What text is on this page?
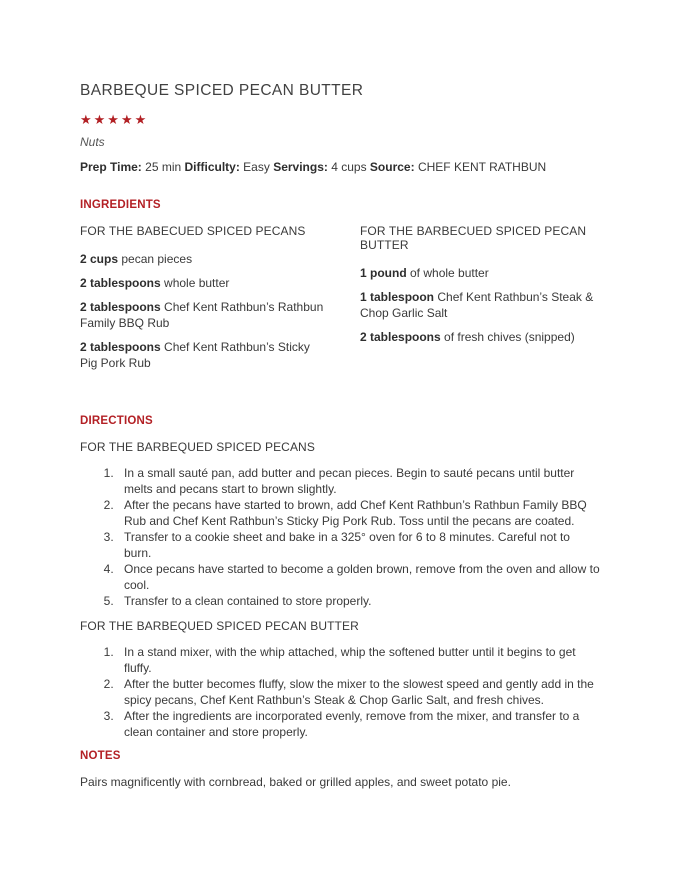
BARBEQUE SPICED PECAN BUTTER
★★★★★
Nuts
Prep Time: 25 min Difficulty: Easy Servings: 4 cups Source: CHEF KENT RATHBUN
INGREDIENTS

FOR THE BABECUED SPICED PECANS

2 cups pecan pieces

2 tablespoons whole butter

2 tablespoons Chef Kent Rathbun’s Rathbun Family BBQ Rub

2 tablespoons Chef Kent Rathbun’s Sticky Pig Pork Rub

FOR THE BARBECUED SPICED PECAN BUTTER

1 pound of whole butter

1 tablespoon Chef Kent Rathbun’s Steak & Chop Garlic Salt

2 tablespoons of fresh chives (snipped)

DIRECTIONS

FOR THE BARBEQUED SPICED PECANS

1. In a small sauté pan, add butter and pecan pieces. Begin to sauté pecans until butter melts and pecans start to brown slightly.
2. After the pecans have started to brown, add Chef Kent Rathbun’s Rathbun Family BBQ Rub and Chef Kent Rathbun’s Sticky Pig Pork Rub. Toss until the pecans are coated.
3. Transfer to a cookie sheet and bake in a 325° oven for 6 to 8 minutes. Careful not to burn.
4. Once pecans have started to become a golden brown, remove from the oven and allow to cool.
5. Transfer to a clean contained to store properly.

FOR THE BARBEQUED SPICED PECAN BUTTER

1. In a stand mixer, with the whip attached, whip the softened butter until it begins to get fluffy.
2. After the butter becomes fluffy, slow the mixer to the slowest speed and gently add in the spicy pecans, Chef Kent Rathbun’s Steak & Chop Garlic Salt, and fresh chives.
3. After the ingredients are incorporated evenly, remove from the mixer, and transfer to a clean container and store properly.
NOTES
Pairs magnificently with cornbread, baked or grilled apples, and sweet potato pie.
